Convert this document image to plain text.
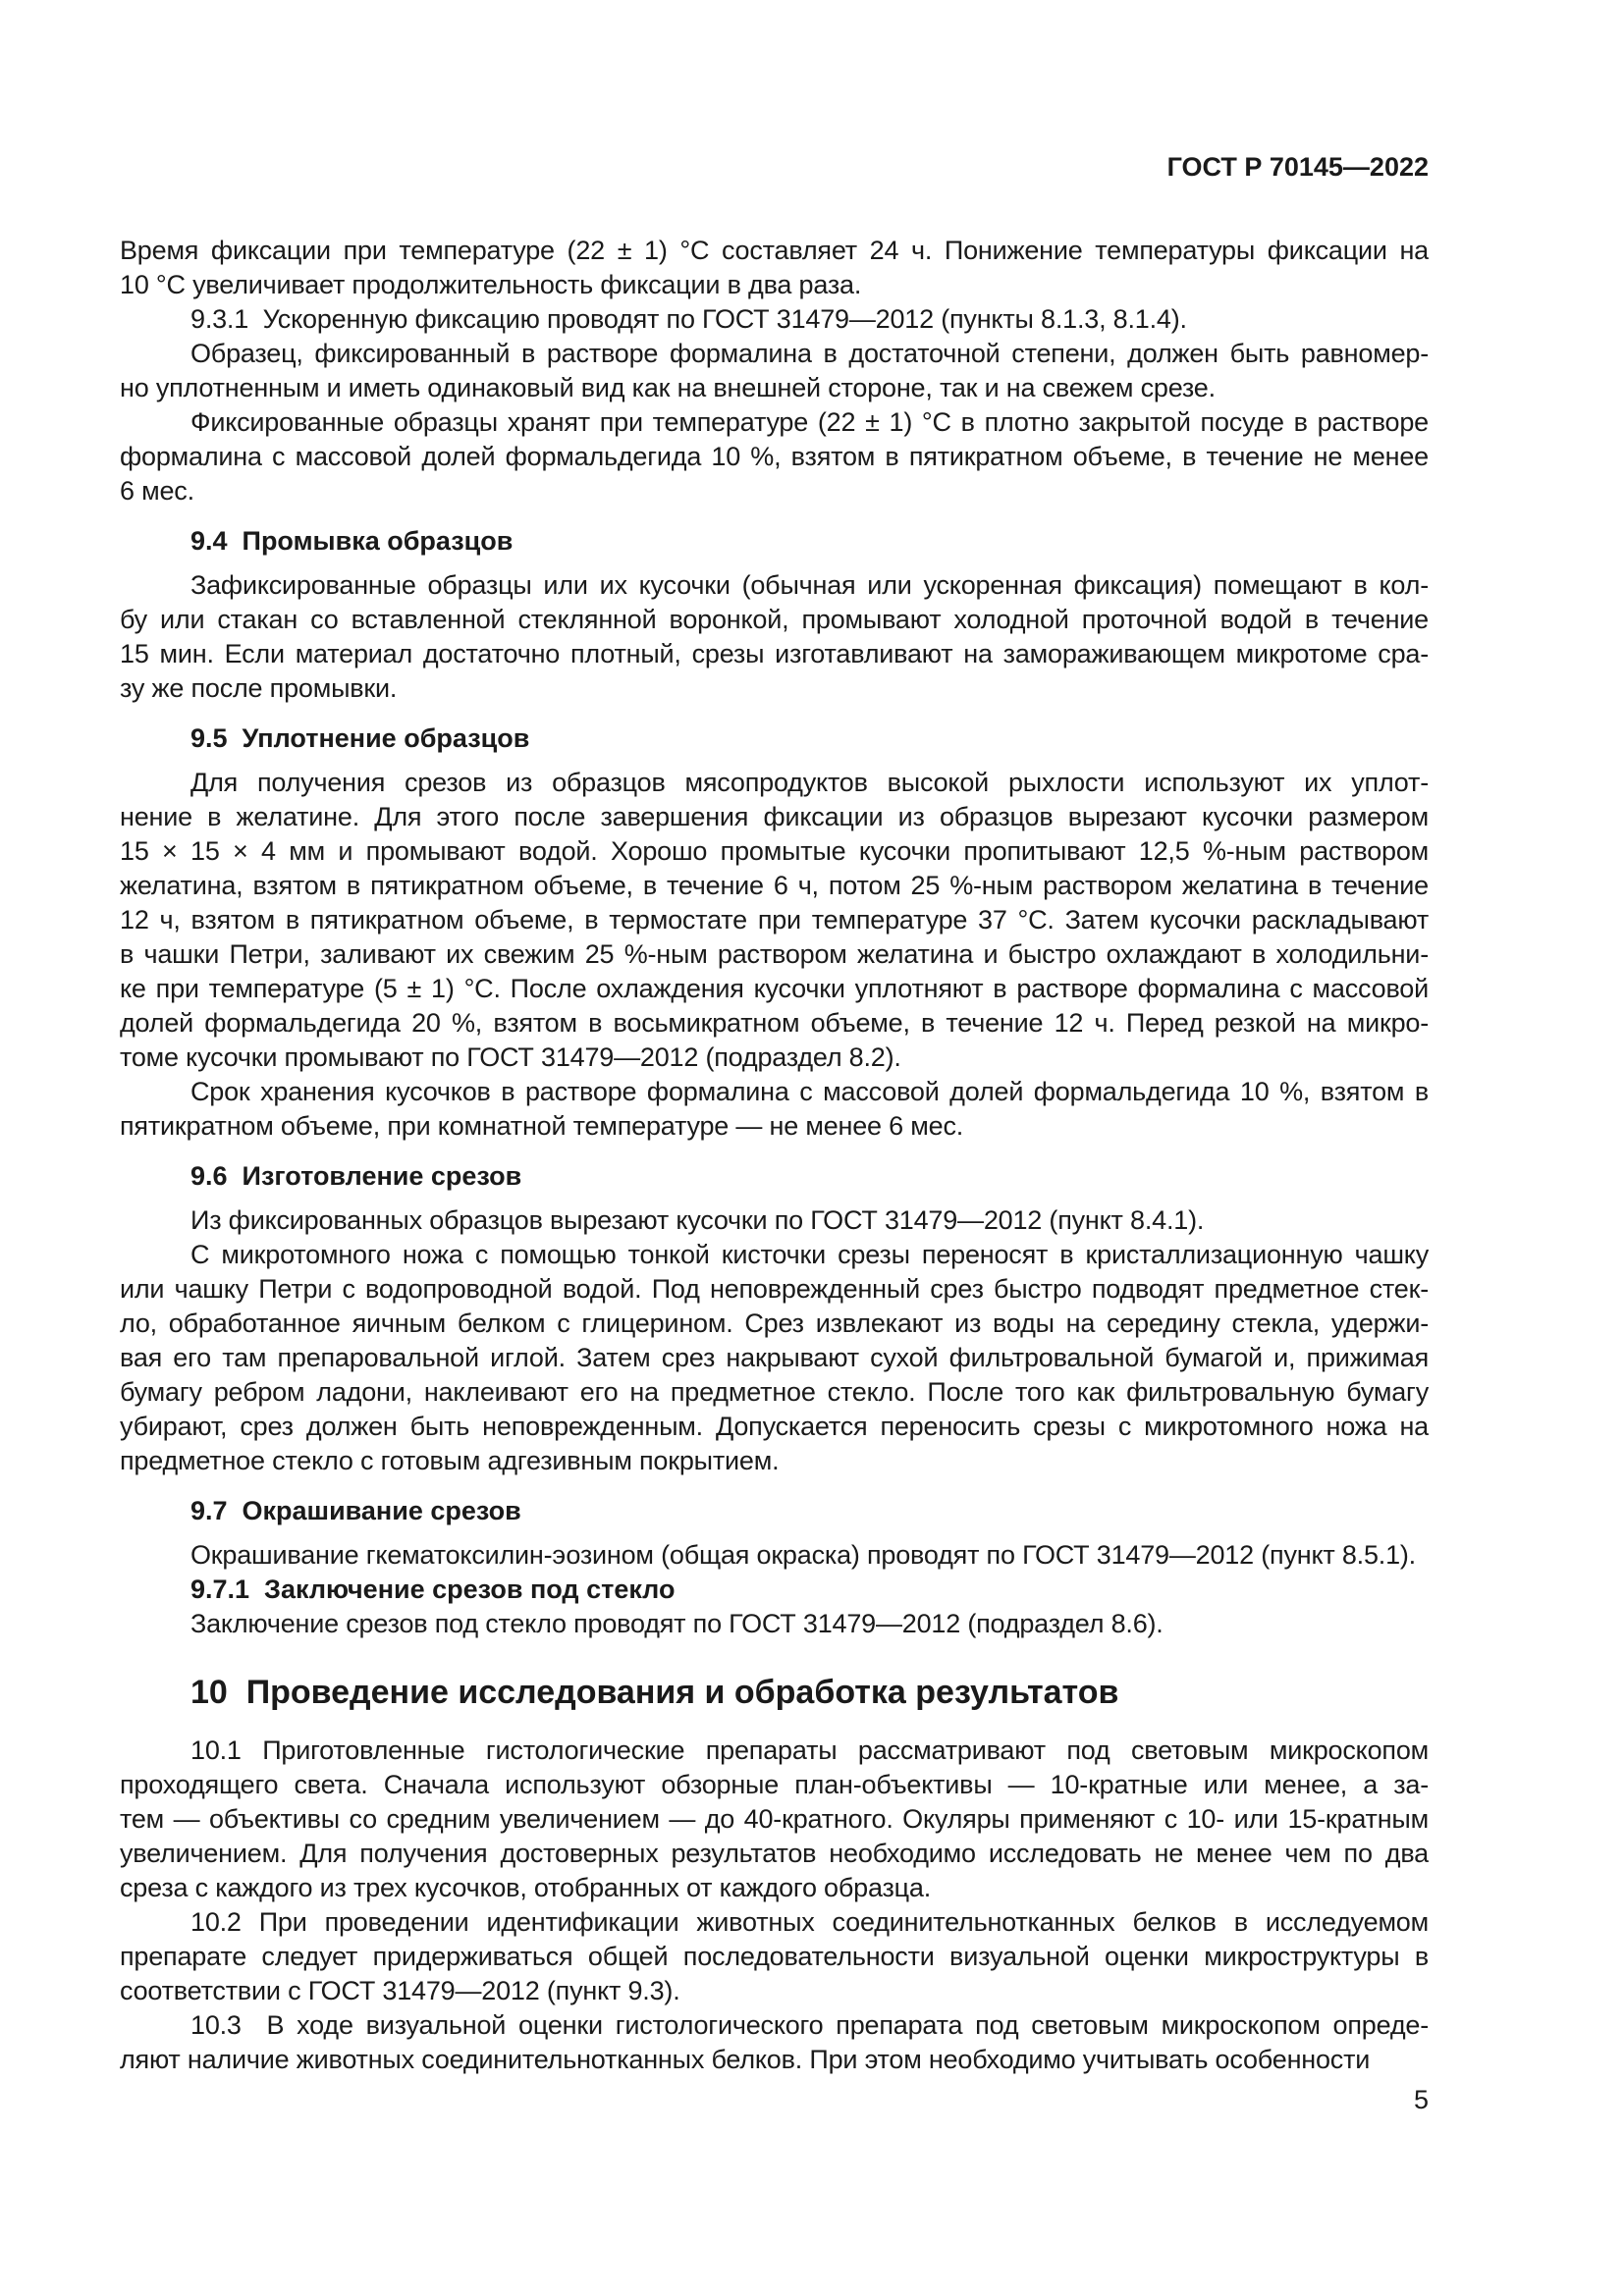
ГОСТ Р 70145—2022
Время фиксации при температуре (22 ± 1) °С составляет 24 ч. Понижение температуры фиксации на
10 °С увеличивает продолжительность фиксации в два раза.
9.3.1  Ускоренную фиксацию проводят по ГОСТ 31479—2012 (пункты 8.1.3, 8.1.4).
Образец, фиксированный в растворе формалина в достаточной степени, должен быть равномер-
но уплотненным и иметь одинаковый вид как на внешней стороне, так и на свежем срезе.
Фиксированные образцы хранят при температуре (22 ± 1) °С в плотно закрытой посуде в растворе
формалина с массовой долей формальдегида 10 %, взятом в пятикратном объеме, в течение не менее
6 мес.
9.4  Промывка образцов
Зафиксированные образцы или их кусочки (обычная или ускоренная фиксация) помещают в кол-
бу или стакан со вставленной стеклянной воронкой, промывают холодной проточной водой в течение
15 мин. Если материал достаточно плотный, срезы изготавливают на замораживающем микротоме сра-
зу же после промывки.
9.5  Уплотнение образцов
Для получения срезов из образцов мясопродуктов высокой рыхлости используют их уплот-
нение в желатине. Для этого после завершения фиксации из образцов вырезают кусочки размером
15 × 15 × 4 мм и промывают водой. Хорошо промытые кусочки пропитывают 12,5 %-ным раствором
желатина, взятом в пятикратном объеме, в течение 6 ч, потом 25 %-ным раствором желатина в течение
12 ч, взятом в пятикратном объеме, в термостате при температуре 37 °С. Затем кусочки раскладывают
в чашки Петри, заливают их свежим 25 %-ным раствором желатина и быстро охлаждают в холодильни-
ке при температуре (5 ± 1) °С. После охлаждения кусочки уплотняют в растворе формалина с массовой
долей формальдегида 20 %, взятом в восьмикратном объеме, в течение 12 ч. Перед резкой на микро-
томе кусочки промывают по ГОСТ 31479—2012 (подраздел 8.2).
Срок хранения кусочков в растворе формалина с массовой долей формальдегида 10 %, взятом в
пятикратном объеме, при комнатной температуре — не менее 6 мес.
9.6  Изготовление срезов
Из фиксированных образцов вырезают кусочки по ГОСТ 31479—2012 (пункт 8.4.1).
С микротомного ножа с помощью тонкой кисточки срезы переносят в кристаллизационную чашку
или чашку Петри с водопроводной водой. Под неповрежденный срез быстро подводят предметное стек-
ло, обработанное яичным белком с глицерином. Срез извлекают из воды на середину стекла, удержи-
вая его там препаровальной иглой. Затем срез накрывают сухой фильтровальной бумагой и, прижимая
бумагу ребром ладони, наклеивают его на предметное стекло. После того как фильтровальную бумагу
убирают, срез должен быть неповрежденным. Допускается переносить срезы с микротомного ножа на
предметное стекло с готовым адгезивным покрытием.
9.7  Окрашивание срезов
Окрашивание гкематоксилин-эозином (общая окраска) проводят по ГОСТ 31479—2012 (пункт 8.5.1).
9.7.1  Заключение срезов под стекло
Заключение срезов под стекло проводят по ГОСТ 31479—2012 (подраздел 8.6).
10  Проведение исследования и обработка результатов
10.1 Приготовленные гистологические препараты рассматривают под световым микроскопом
проходящего света. Сначала используют обзорные план-объективы — 10-кратные или менее, а за-
тем — объективы со средним увеличением — до 40-кратного. Окуляры применяют с 10- или 15-кратным
увеличением. Для получения достоверных результатов необходимо исследовать не менее чем по два
среза с каждого из трех кусочков, отобранных от каждого образца.
10.2 При проведении идентификации животных соединительнотканных белков в исследуемом
препарате следует придерживаться общей последовательности визуальной оценки микроструктуры в
соответствии с ГОСТ 31479—2012 (пункт 9.3).
10.3  В ходе визуальной оценки гистологического препарата под световым микроскопом опреде-
ляют наличие животных соединительнотканных белков. При этом необходимо учитывать особенности
5
